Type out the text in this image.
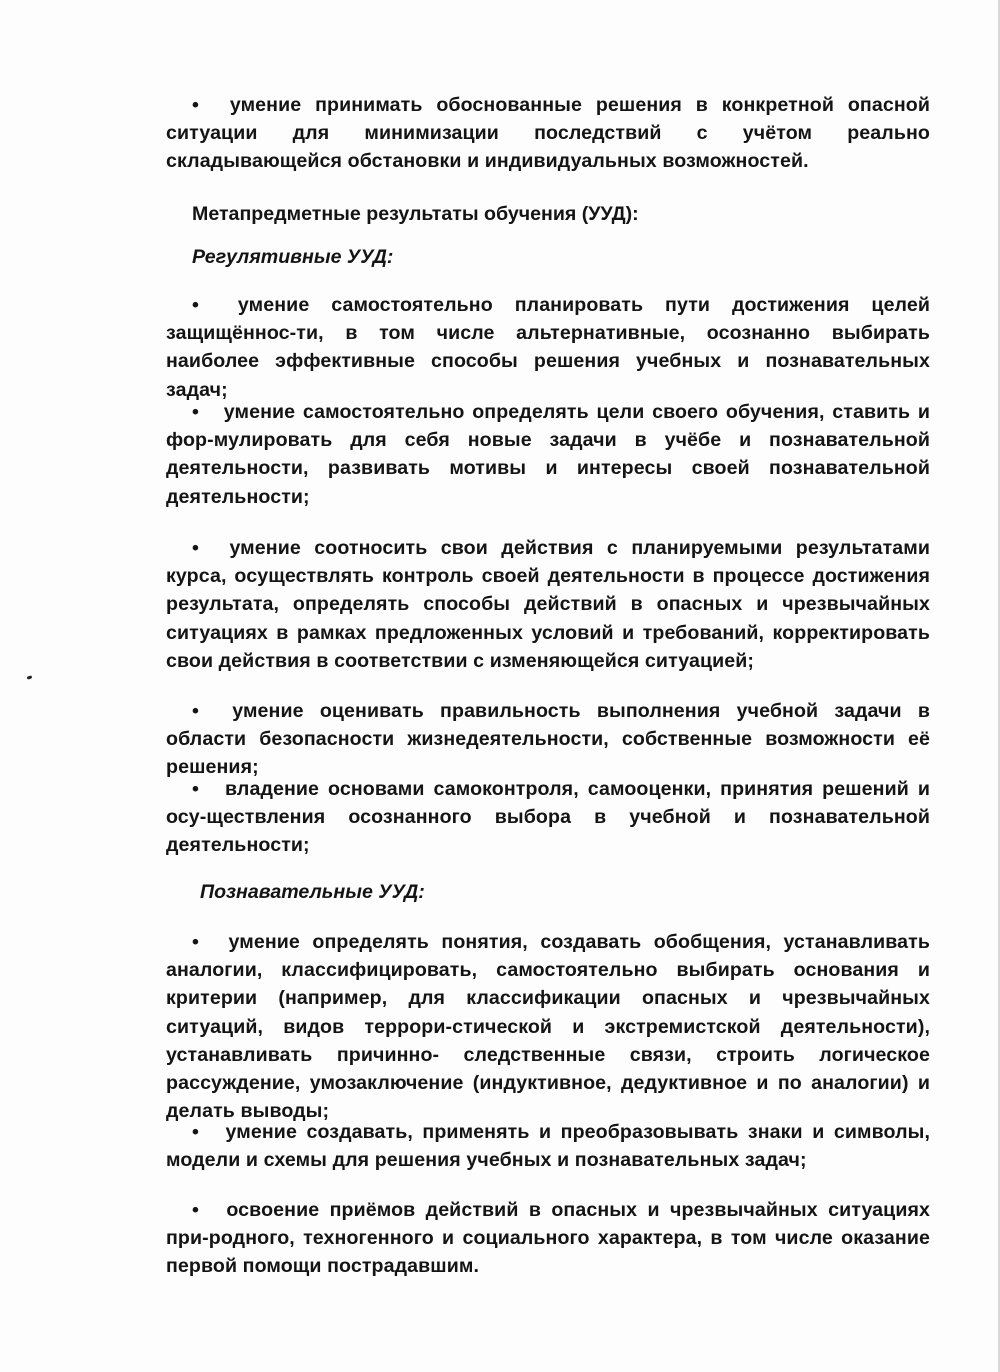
• умение принимать обоснованные решения в конкретной опасной ситуации для минимизации последствий с учётом реально складывающейся обстановки и индивидуальных возможностей.

Метапредметные результаты обучения (УУД):

Регулятивные УУД:

• умение самостоятельно планировать пути достижения целей защищённос-ти, в том числе альтернативные, осознанно выбирать наиболее эффективные способы решения учебных и познавательных задач;

• умение самостоятельно определять цели своего обучения, ставить и фор-мулировать для себя новые задачи в учёбе и познавательной деятельности, развивать мотивы и интересы своей познавательной деятельности;

• умение соотносить свои действия с планируемыми результатами курса, осуществлять контроль своей деятельности в процессе достижения результата, определять способы действий в опасных и чрезвычайных ситуациях в рамках предложенных условий и требований, корректировать свои действия в соответствии с изменяющейся ситуацией;

• умение оценивать правильность выполнения учебной задачи в области безопасности жизнедеятельности, собственные возможности её решения;

• владение основами самоконтроля, самооценки, принятия решений и осу-ществления осознанного выбора в учебной и познавательной деятельности;

Познавательные УУД:

• умение определять понятия, создавать обобщения, устанавливать аналогии, классифицировать, самостоятельно выбирать основания и критерии (например, для классификации опасных и чрезвычайных ситуаций, видов террори-стической и экстремистской деятельности), устанавливать причинно- следственные связи, строить логическое рассуждение, умозаключение (индуктивное, дедуктивное и по аналогии) и делать выводы;

• умение создавать, применять и преобразовывать знаки и символы, модели и схемы для решения учебных и познавательных задач;

• освоение приёмов действий в опасных и чрезвычайных ситуациях при-родного, техногенного и социального характера, в том числе оказание первой помощи пострадавшим.
